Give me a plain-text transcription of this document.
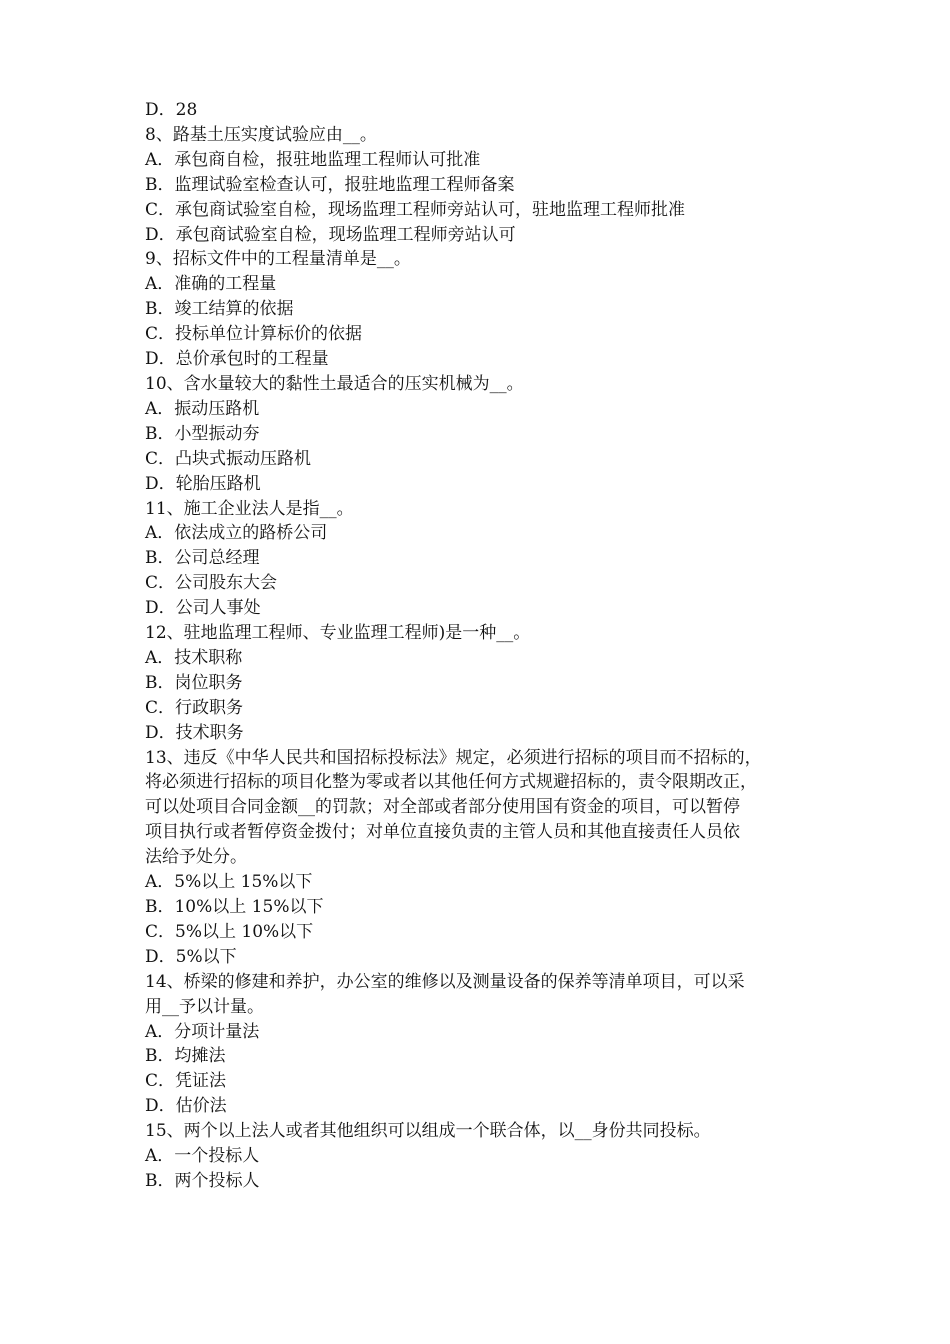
D．28
8、路基土压实度试验应由__。
A．承包商自检，报驻地监理工程师认可批准
B．监理试验室检查认可，报驻地监理工程师备案
C．承包商试验室自检，现场监理工程师旁站认可，驻地监理工程师批准
D．承包商试验室自检，现场监理工程师旁站认可
9、招标文件中的工程量清单是__。
A．准确的工程量
B．竣工结算的依据
C．投标单位计算标价的依据
D．总价承包时的工程量
10、含水量较大的黏性土最适合的压实机械为__。
A．振动压路机
B．小型振动夯
C．凸块式振动压路机
D．轮胎压路机
11、施工企业法人是指__。
A．依法成立的路桥公司
B．公司总经理
C．公司股东大会
D．公司人事处
12、驻地监理工程师、专业监理工程师)是一种__。
A．技术职称
B．岗位职务
C．行政职务
D．技术职务
13、违反《中华人民共和国招标投标法》规定，必须进行招标的项目而不招标的，
将必须进行招标的项目化整为零或者以其他任何方式规避招标的，责令限期改正，
可以处项目合同金额__的罚款；对全部或者部分使用国有资金的项目，可以暂停
项目执行或者暂停资金拨付；对单位直接负责的主管人员和其他直接责任人员依
法给予处分。
A．5%以上 15%以下
B．10%以上 15%以下
C．5%以上 10%以下
D．5%以下
14、桥梁的修建和养护，办公室的维修以及测量设备的保养等清单项目，可以采
用__予以计量。
A．分项计量法
B．均摊法
C．凭证法
D．估价法
15、两个以上法人或者其他组织可以组成一个联合体，以__身份共同投标。
A．一个投标人
B．两个投标人
